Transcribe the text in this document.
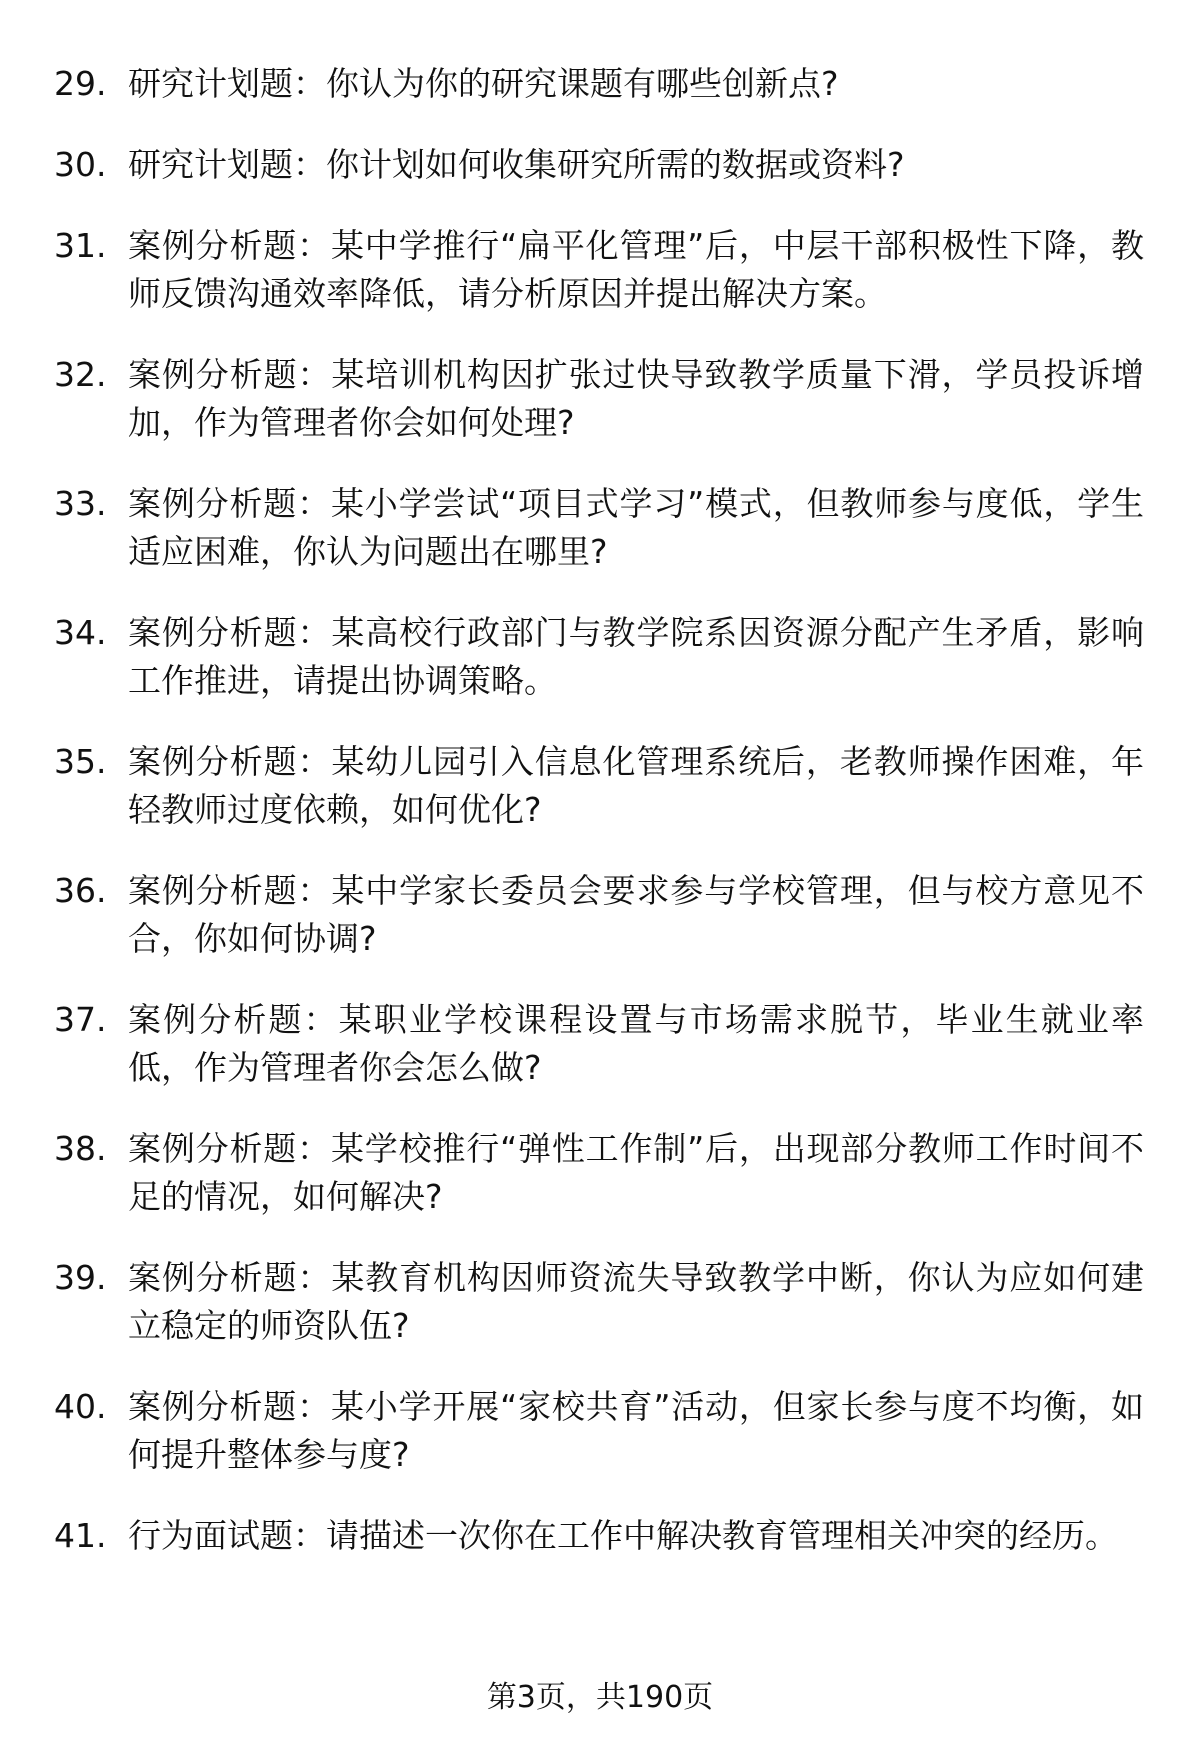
29. 研究计划题：你认为你的研究课题有哪些创新点?
30. 研究计划题：你计划如何收集研究所需的数据或资料?
31. 案例分析题：某中学推行“扁平化管理”后，中层干部积极性下降，教师反馈沟通效率降低，请分析原因并提出解决方案。
32. 案例分析题：某培训机构因扩张过快导致教学质量下滑，学员投诉增加，作为管理者你会如何处理?
33. 案例分析题：某小学尝试“项目式学习”模式，但教师参与度低，学生适应困难，你认为问题出在哪里?
34. 案例分析题：某高校行政部门与教学院系因资源分配产生矛盾，影响工作推进，请提出协调策略。
35. 案例分析题：某幼儿园引入信息化管理系统后，老教师操作困难，年轻教师过度依赖，如何优化?
36. 案例分析题：某中学家长委员会要求参与学校管理，但与校方意见不合，你如何协调?
37. 案例分析题：某职业学校课程设置与市场需求脱节，毕业生就业率低，作为管理者你会怎么做?
38. 案例分析题：某学校推行“弹性工作制”后，出现部分教师工作时间不足的情况，如何解决?
39. 案例分析题：某教育机构因师资流失导致教学中断，你认为应如何建立稳定的师资队伍?
40. 案例分析题：某小学开展“家校共育”活动，但家长参与度不均衡，如何提升整体参与度?
41. 行为面试题：请描述一次你在工作中解决教育管理相关冲突的经历。
第3页，共190页
